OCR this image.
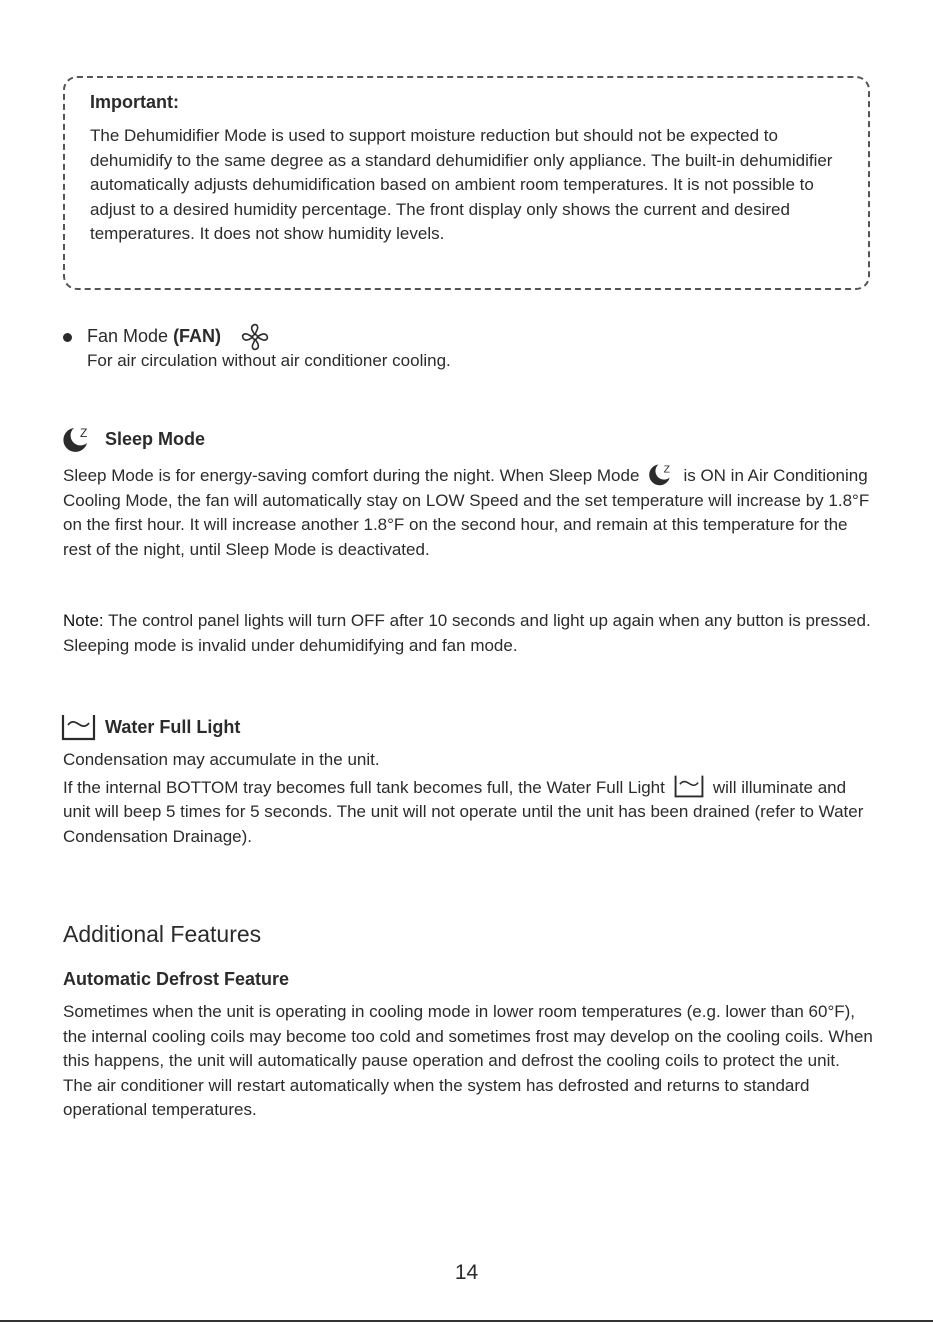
Important:
The Dehumidifier Mode is used to support moisture reduction but should not be expected to dehumidify to the same degree as a standard dehumidifier only appliance. The built-in dehumidifier automatically adjusts dehumidification based on ambient room temperatures. It is not possible to adjust to a desired humidity percentage. The front display only shows the current and desired temperatures. It does not show humidity levels.
Fan Mode (FAN)
For air circulation without air conditioner cooling.
Z Sleep Mode
Sleep Mode is for energy-saving comfort during the night. When Sleep Mode Z is ON in Air Conditioning Cooling Mode, the fan will automatically stay on LOW Speed and the set temperature will increase by 1.8°F on the first hour. It will increase another 1.8°F on the second hour, and remain at this temperature for the rest of the night, until Sleep Mode is deactivated.
Note: The control panel lights will turn OFF after 10 seconds and light up again when any button is pressed. Sleeping mode is invalid under dehumidifying and fan mode.
Water Full Light
Condensation may accumulate in the unit.
If the internal BOTTOM tray becomes full tank becomes full, the Water Full Light	will illuminate and unit will beep 5 times for 5 seconds. The unit will not operate until the unit has been drained (refer to Water Condensation Drainage).
Additional Features
Automatic Defrost Feature
Sometimes when the unit is operating in cooling mode in lower room temperatures (e.g. lower than 60°F), the internal cooling coils may become too cold and sometimes frost may develop on the cooling coils. When this happens, the unit will automatically pause operation and defrost the cooling coils to protect the unit. The air conditioner will restart automatically when the system has defrosted and returns to standard operational temperatures.
14
